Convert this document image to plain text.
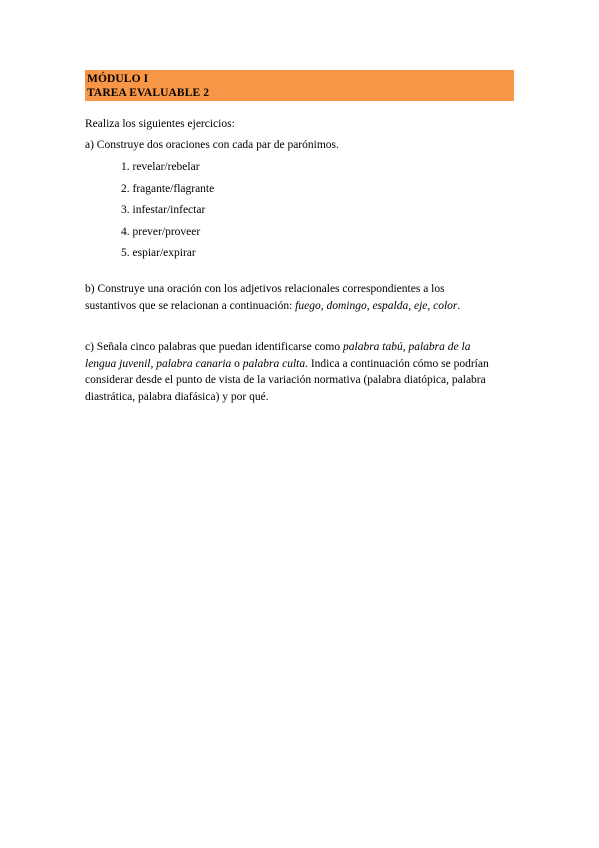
MÓDULO I
TAREA EVALUABLE 2
Realiza los siguientes ejercicios:
a) Construye dos oraciones con cada par de parónimos.
1. revelar/rebelar
2. fragante/flagrante
3. infestar/infectar
4. prever/proveer
5. espiar/expirar
b) Construye una oración con los adjetivos relacionales correspondientes a los
sustantivos que se relacionan a continuación: fuego, domingo, espalda, eje, color.
c) Señala cinco palabras que puedan identificarse como palabra tabú, palabra de la
lengua juvenil, palabra canaria o palabra culta. Indica a continuación cómo se podrían
considerar desde el punto de vista de la variación normativa (palabra diatópica, palabra
diastrática, palabra diafásica) y por qué.
